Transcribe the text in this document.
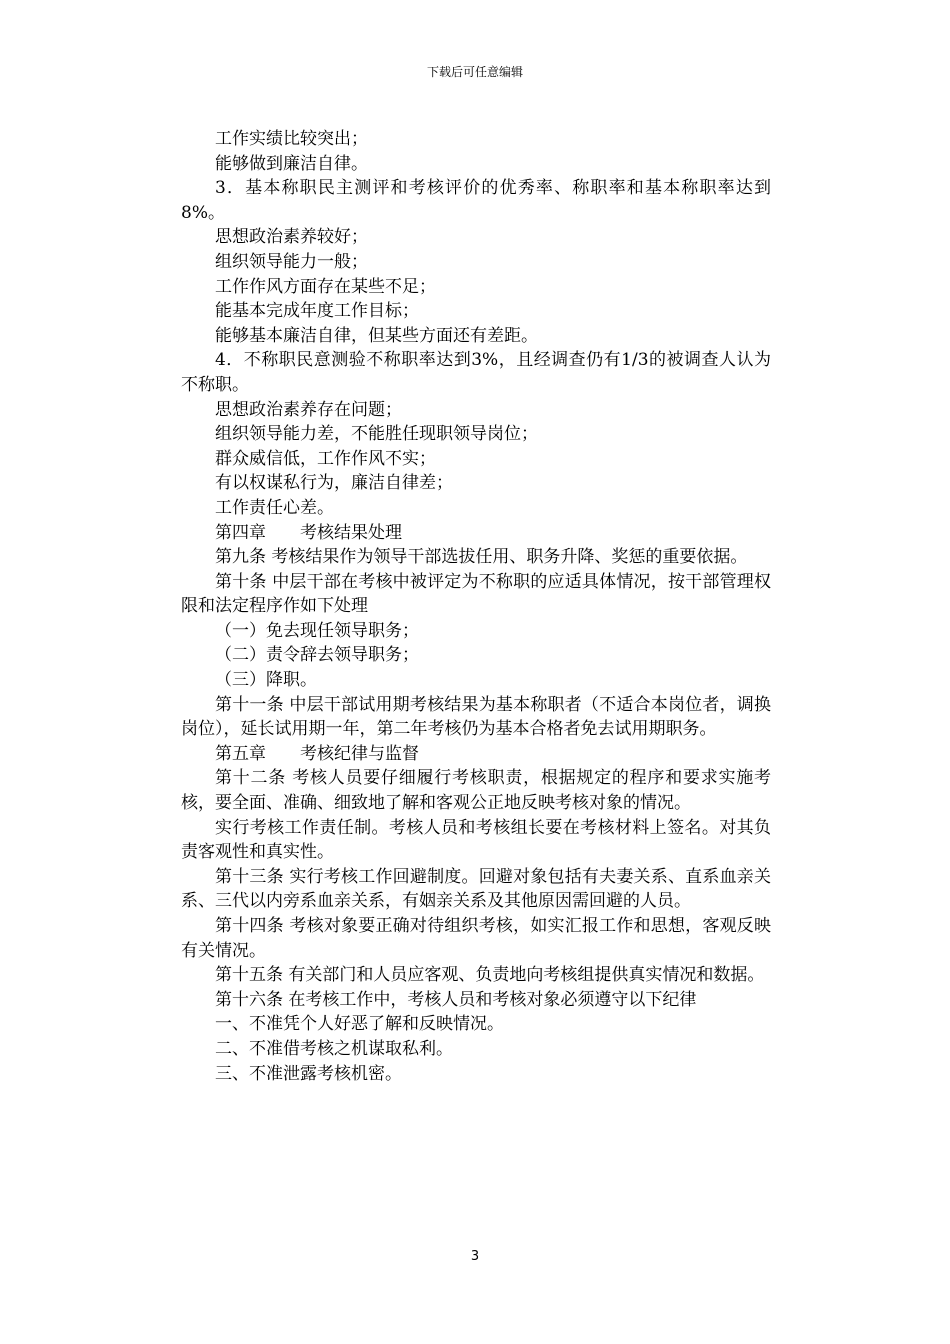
下载后可任意编辑

工作实绩比较突出；

能够做到廉洁自律。

3．基本称职民主测评和考核评价的优秀率、称职率和基本称职率达到8%。

思想政治素养较好；

组织领导能力一般；

工作作风方面存在某些不足；

能基本完成年度工作目标；

能够基本廉洁自律，但某些方面还有差距。

4．不称职民意测验不称职率达到3%，且经调查仍有1/3的被调查人认为不称职。

思想政治素养存在问题；

组织领导能力差，不能胜任现职领导岗位；

群众威信低，工作作风不实；

有以权谋私行为，廉洁自律差；

工作责任心差。

第四章　　考核结果处理

第九条 考核结果作为领导干部选拔任用、职务升降、奖惩的重要依据。

第十条 中层干部在考核中被评定为不称职的应适具体情况，按干部管理权限和法定程序作如下处理

（一）免去现任领导职务；

（二）责令辞去领导职务；

（三）降职。

第十一条 中层干部试用期考核结果为基本称职者（不适合本岗位者，调换岗位），延长试用期一年，第二年考核仍为基本合格者免去试用期职务。

第五章　　考核纪律与监督

第十二条 考核人员要仔细履行考核职责，根据规定的程序和要求实施考核，要全面、准确、细致地了解和客观公正地反映考核对象的情况。

实行考核工作责任制。考核人员和考核组长要在考核材料上签名。对其负责客观性和真实性。

第十三条 实行考核工作回避制度。回避对象包括有夫妻关系、直系血亲关系、三代以内旁系血亲关系，有姻亲关系及其他原因需回避的人员。

第十四条 考核对象要正确对待组织考核，如实汇报工作和思想，客观反映有关情况。

第十五条 有关部门和人员应客观、负责地向考核组提供真实情况和数据。

第十六条 在考核工作中，考核人员和考核对象必须遵守以下纪律

一、不准凭个人好恶了解和反映情况。

二、不准借考核之机谋取私利。

三、不准泄露考核机密。

3
